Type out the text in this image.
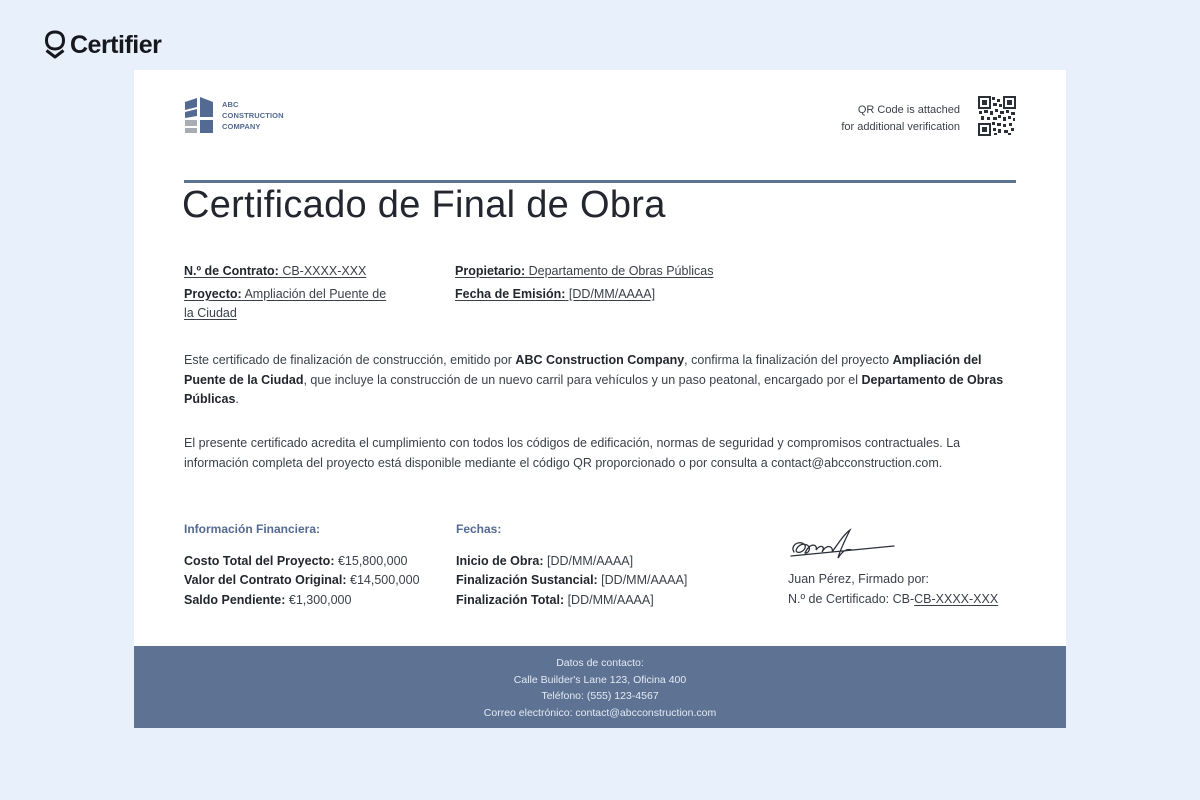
Certifier
ABC
CONSTRUCTION
COMPANY
QR Code is attached
for additional verification
Certificado de Final de Obra
N.º de Contrato: CB-XXXX-XXX
Proyecto: Ampliación del Puente de la Ciudad
Propietario: Departamento de Obras Públicas
Fecha de Emisión: [DD/MM/AAAA]

Este certificado de finalización de construcción, emitido por ABC Construction Company, confirma la finalización del proyecto Ampliación del Puente de la Ciudad, que incluye la construcción de un nuevo carril para vehículos y un paso peatonal, encargado por el Departamento de Obras Públicas.

El presente certificado acredita el cumplimiento con todos los códigos de edificación, normas de seguridad y compromisos contractuales. La información completa del proyecto está disponible mediante el código QR proporcionado o por consulta a contact@abcconstruction.com.

Información Financiera:
Costo Total del Proyecto: €15,800,000
Valor del Contrato Original: €14,500,000
Saldo Pendiente: €1,300,000
Fechas:
Inicio de Obra: [DD/MM/AAAA]
Finalización Sustancial: [DD/MM/AAAA]
Finalización Total: [DD/MM/AAAA]
Juan Pérez, Firmado por:
N.º de Certificado: CB-CB-XXXX-XXX
Datos de contacto:
Calle Builder's Lane 123, Oficina 400
Teléfono: (555) 123-4567
Correo electrónico: contact@abcconstruction.com
